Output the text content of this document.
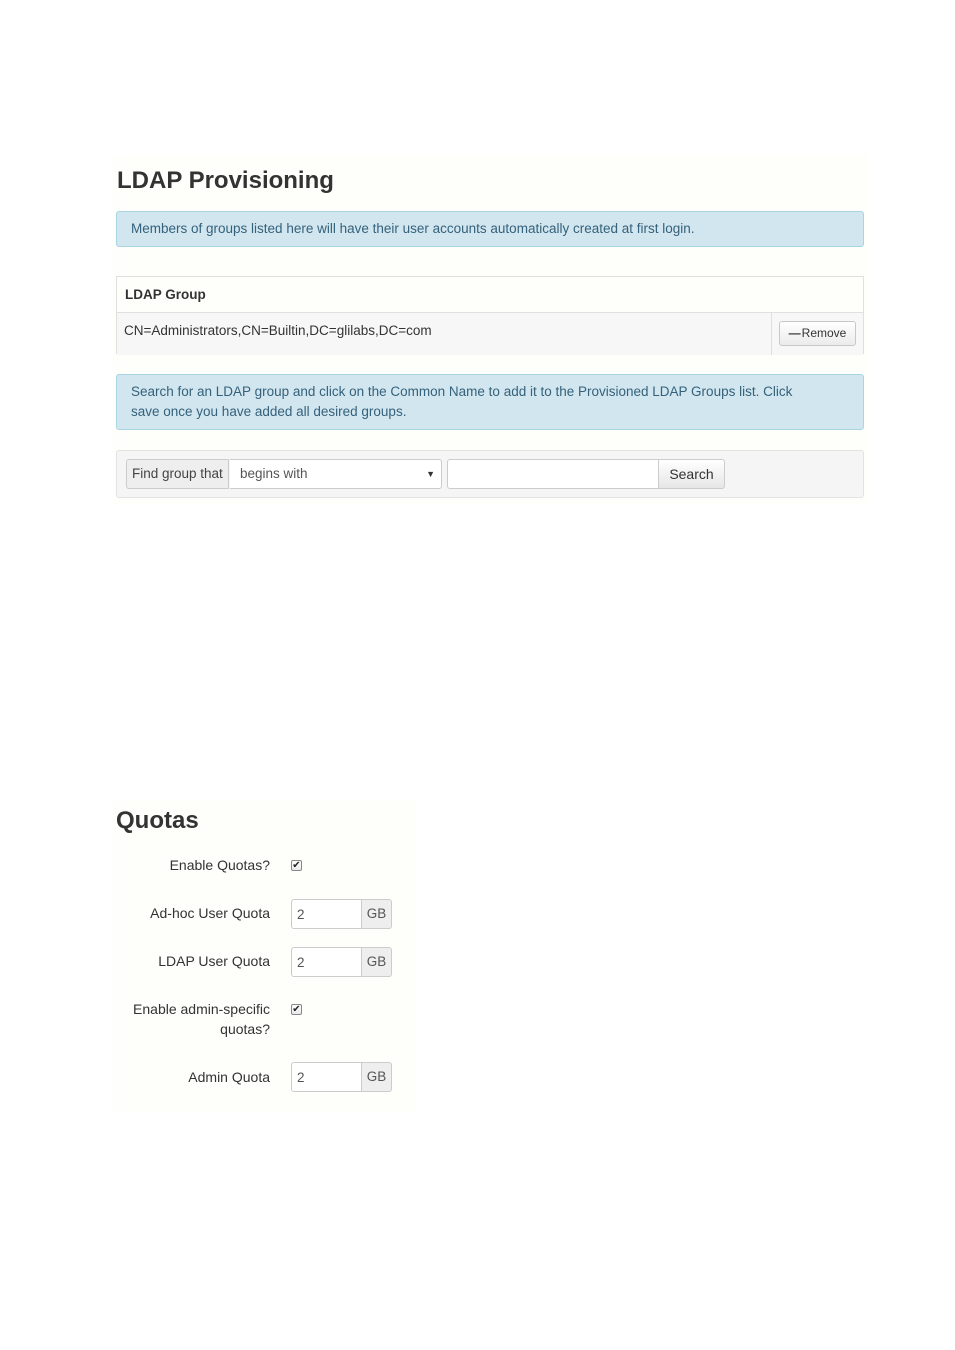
LDAP Provisioning
Members of groups listed here will have their user accounts automatically created at first login.
LDAP Group
CN=Administrators,CN=Builtin,DC=glilabs,DC=com	—Remove
Search for an LDAP group and click on the Common Name to add it to the Provisioned LDAP Groups list. Click save once you have added all desired groups.
Find group that	begins with	▼	Search
Quotas
Enable Quotas? ✔
Ad-hoc User Quota
2	GB
LDAP User Quota
2	GB
Enable admin-specific quotas?
✔
Admin Quota
2	GB
